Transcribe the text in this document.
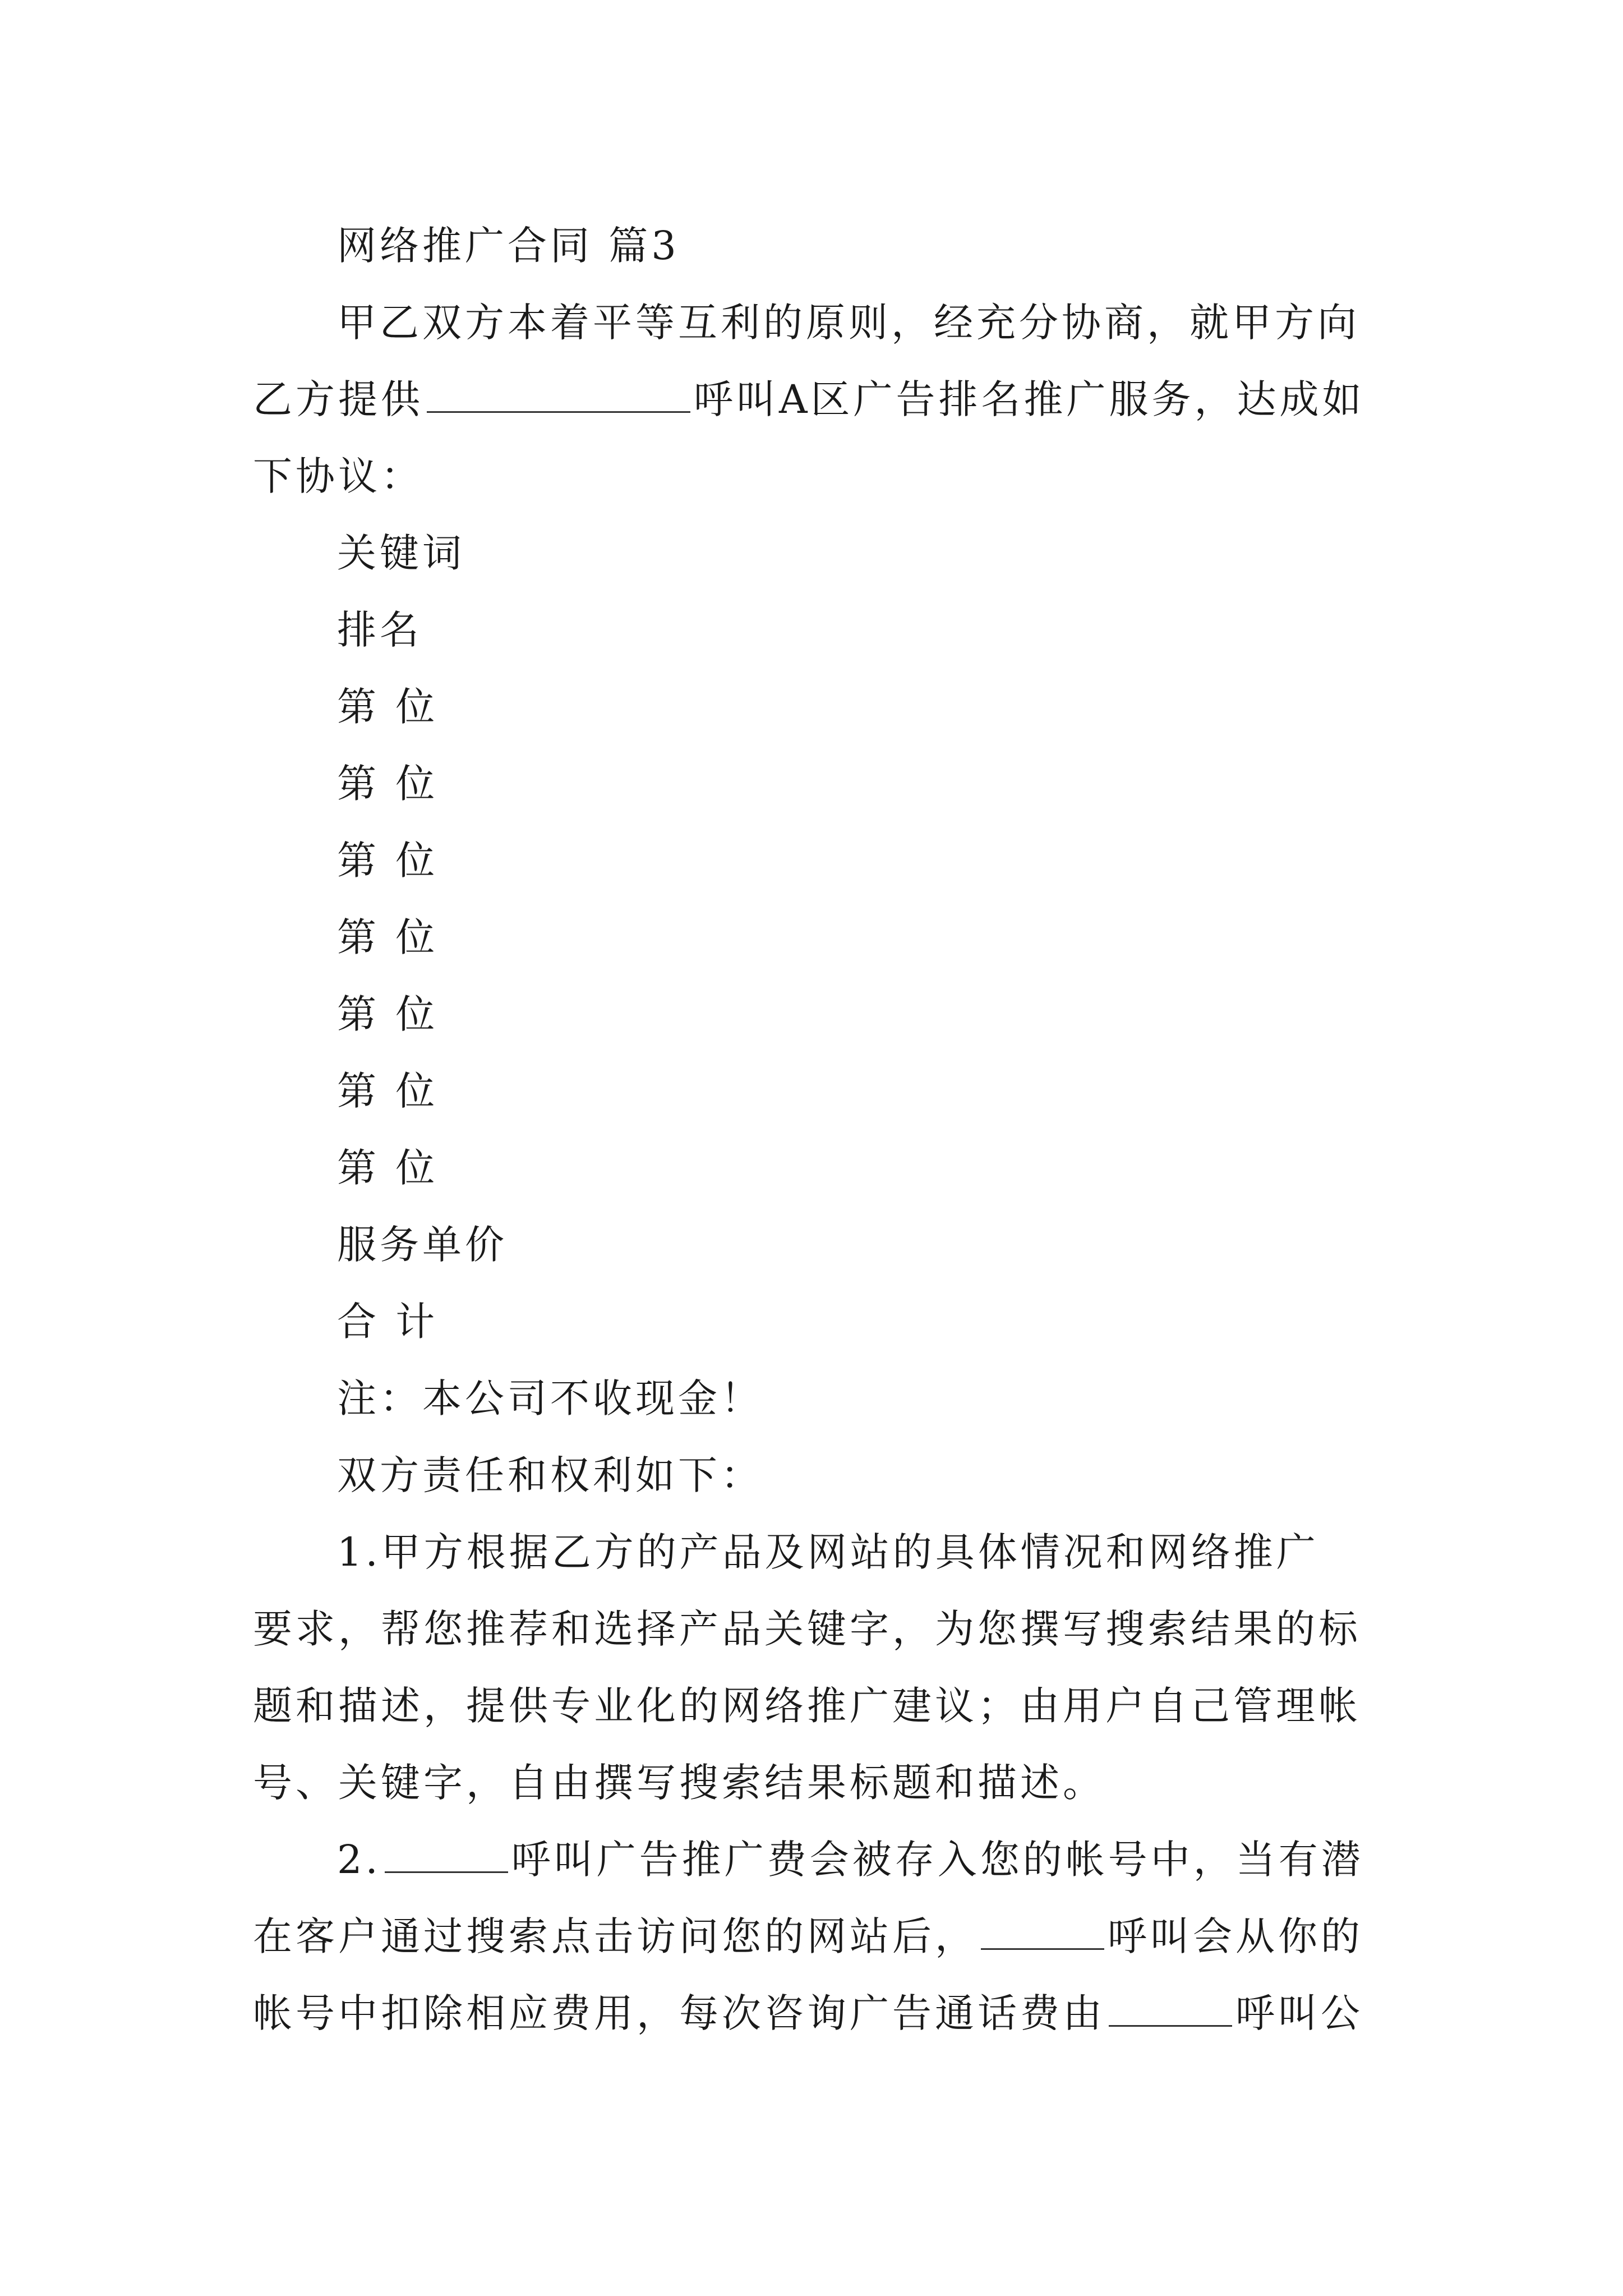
网络推广合同 篇3

甲乙双方本着平等互利的原则，经充分协商，就甲方向

乙方提供	呼叫A区广告排名推广服务，达成如

下协议：

关键词

排名

第 位

第 位

第 位

第 位

第 位

第 位

第 位

服务单价

合 计

注：本公司不收现金！

双方责任和权利如下：

1.甲方根据乙方的产品及网站的具体情况和网络推广

要求，帮您推荐和选择产品关键字，为您撰写搜索结果的标

题和描述，提供专业化的网络推广建议；由用户自己管理帐

号、关键字，自由撰写搜索结果标题和描述。

2.	呼叫广告推广费会被存入您的帐号中，当有潜

在客户通过搜索点击访问您的网站后，	呼叫会从你的

帐号中扣除相应费用，每次咨询广告通话费由	呼叫公
